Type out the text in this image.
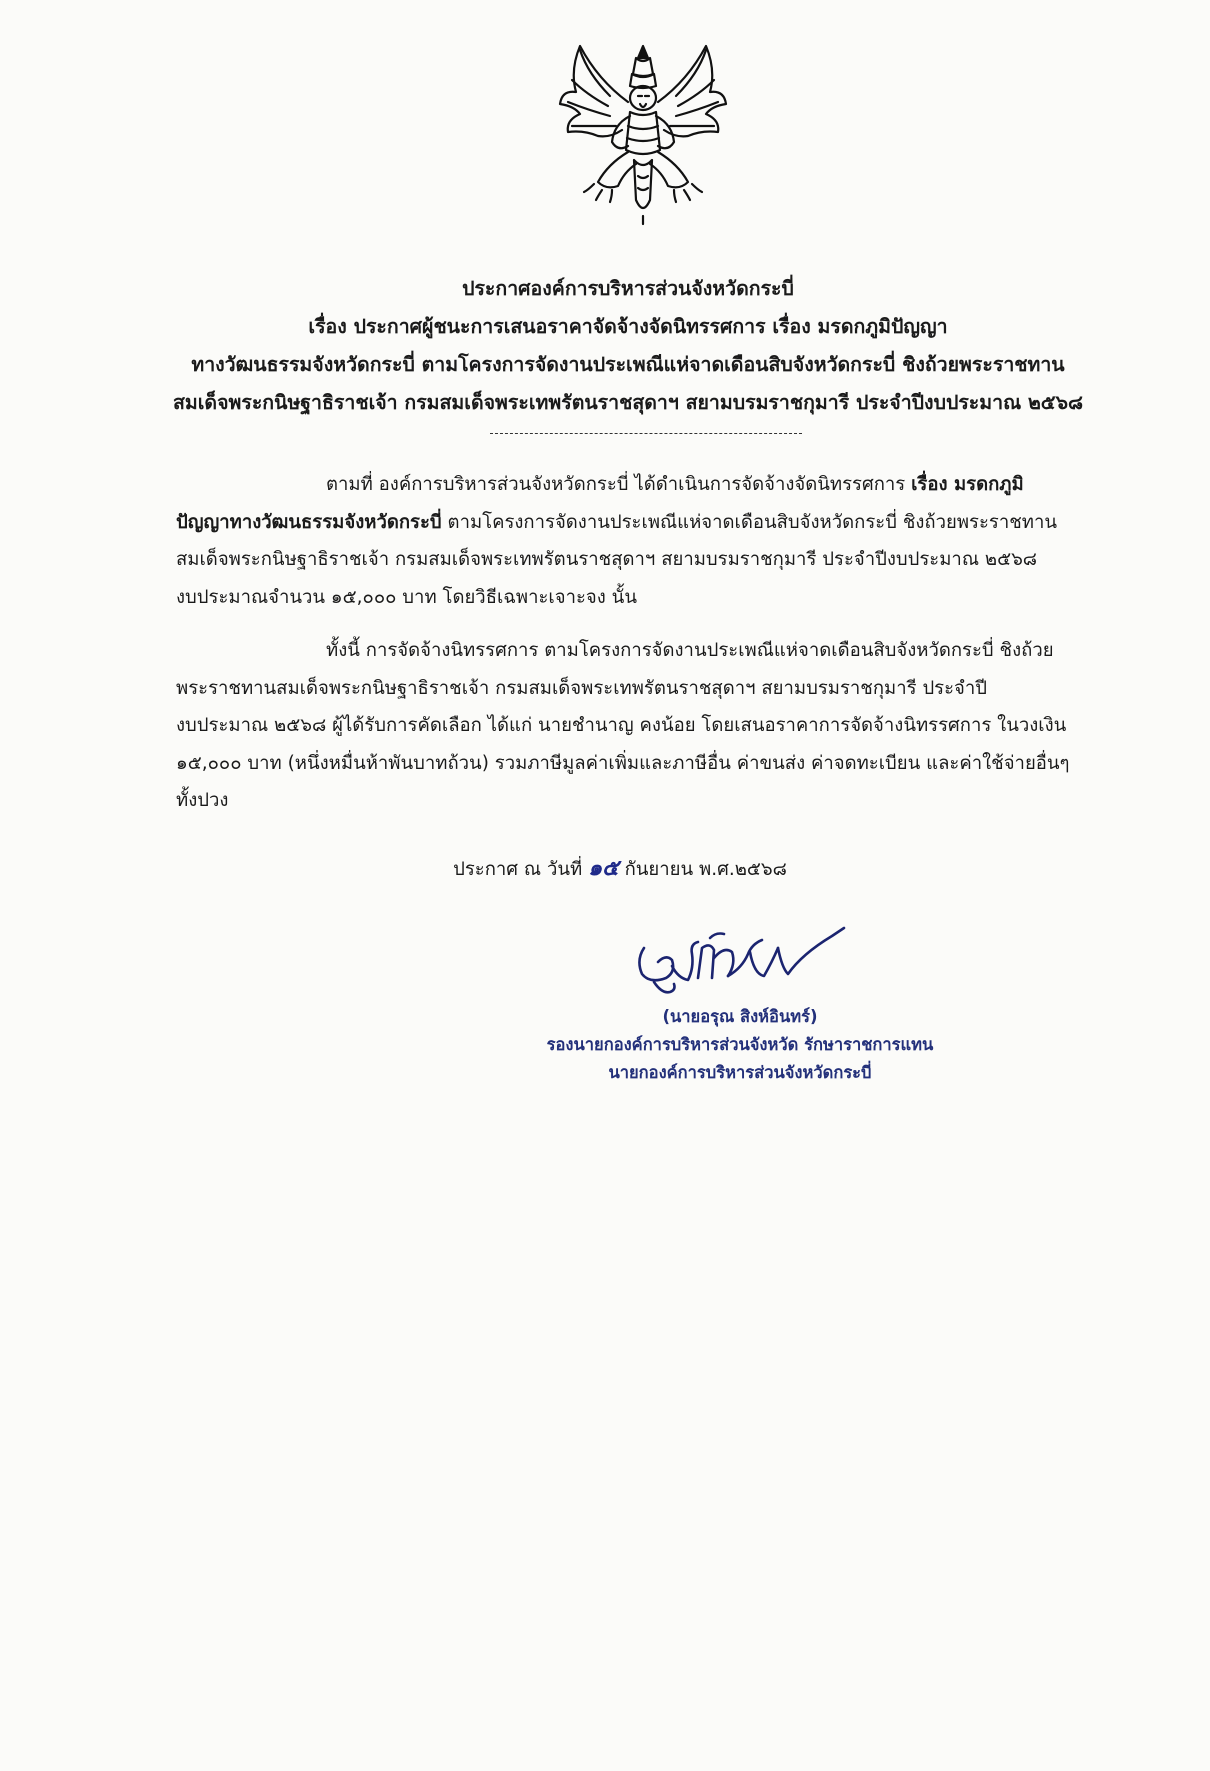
ประกาศองค์การบริหารส่วนจังหวัดกระบี่
เรื่อง ประกาศผู้ชนะการเสนอราคาจัดจ้างจัดนิทรรศการ เรื่อง มรดกภูมิปัญญา
ทางวัฒนธรรมจังหวัดกระบี่ ตามโครงการจัดงานประเพณีแห่จาดเดือนสิบจังหวัดกระบี่ ชิงถ้วยพระราชทาน
สมเด็จพระกนิษฐาธิราชเจ้า กรมสมเด็จพระเทพรัตนราชสุดาฯ สยามบรมราชกุมารี ประจำปีงบประมาณ ๒๕๖๘
ตามที่ องค์การบริหารส่วนจังหวัดกระบี่ ได้ดำเนินการจัดจ้างจัดนิทรรศการ เรื่อง มรดกภูมิ
ปัญญาทางวัฒนธรรมจังหวัดกระบี่ ตามโครงการจัดงานประเพณีแห่จาดเดือนสิบจังหวัดกระบี่ ชิงถ้วยพระราชทาน
สมเด็จพระกนิษฐาธิราชเจ้า กรมสมเด็จพระเทพรัตนราชสุดาฯ สยามบรมราชกุมารี ประจำปีงบประมาณ ๒๕๖๘
งบประมาณจำนวน ๑๕,๐๐๐ บาท โดยวิธีเฉพาะเจาะจง นั้น
ทั้งนี้ การจัดจ้างนิทรรศการ ตามโครงการจัดงานประเพณีแห่จาดเดือนสิบจังหวัดกระบี่ ชิงถ้วย
พระราชทานสมเด็จพระกนิษฐาธิราชเจ้า กรมสมเด็จพระเทพรัตนราชสุดาฯ สยามบรมราชกุมารี ประจำปี
งบประมาณ ๒๕๖๘ ผู้ได้รับการคัดเลือก ได้แก่ นายชำนาญ คงน้อย โดยเสนอราคาการจัดจ้างนิทรรศการ ในวงเงิน
๑๕,๐๐๐ บาท (หนึ่งหมื่นห้าพันบาทถ้วน) รวมภาษีมูลค่าเพิ่มและภาษีอื่น ค่าขนส่ง ค่าจดทะเบียน และค่าใช้จ่ายอื่นๆ
ทั้งปวง
ประกาศ ณ วันที่ ๑๕ กันยายน พ.ศ.๒๕๖๘
(นายอรุณ สิงห์อินทร์)
รองนายกองค์การบริหารส่วนจังหวัด รักษาราชการแทน
นายกองค์การบริหารส่วนจังหวัดกระบี่
